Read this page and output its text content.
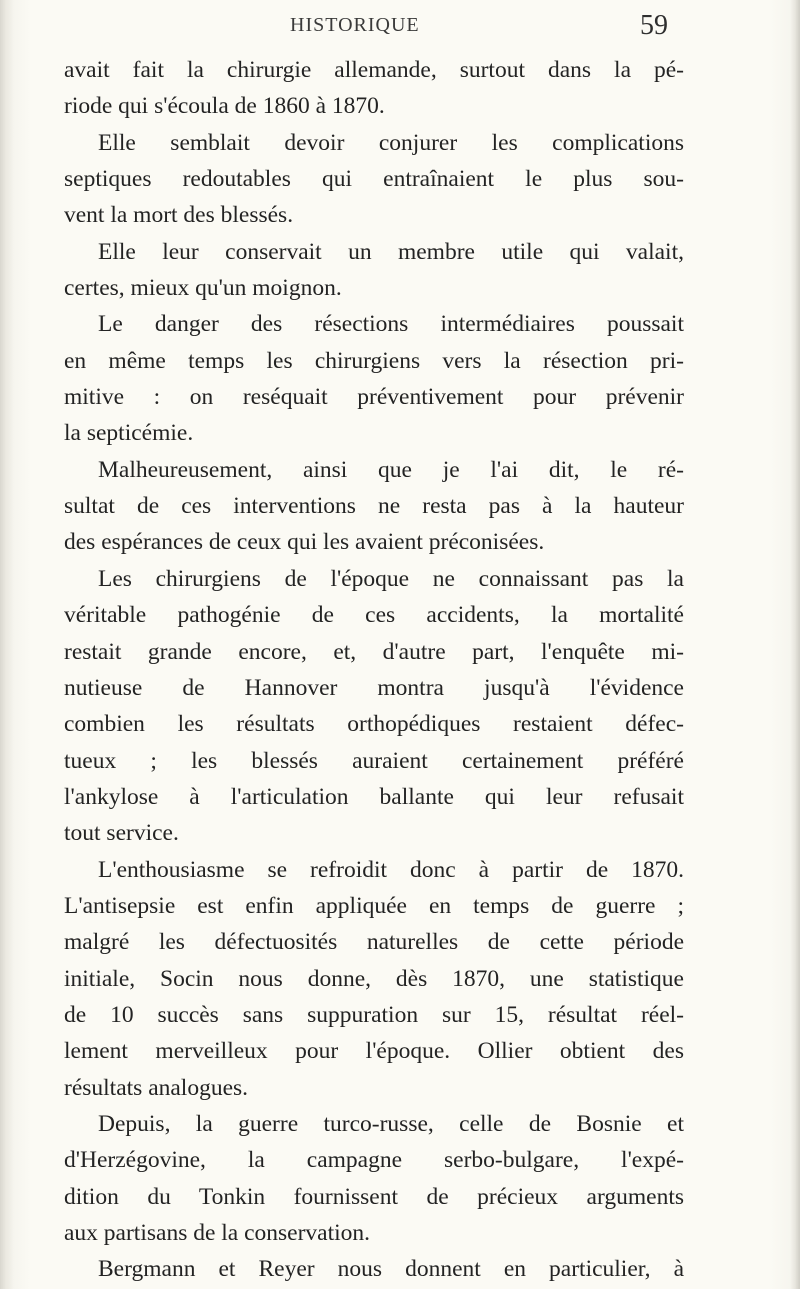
HISTORIQUE	59
avait fait la chirurgie allemande, surtout dans la pé-
riode qui s'écoula de 1860 à 1870.
Elle semblait devoir conjurer les complications
septiques redoutables qui entraînaient le plus sou-
vent la mort des blessés.
Elle leur conservait un membre utile qui valait,
certes, mieux qu'un moignon.
Le danger des résections intermédiaires poussait
en même temps les chirurgiens vers la résection pri-
mitive : on reséquait préventivement pour prévenir
la septicémie.
Malheureusement, ainsi que je l'ai dit, le ré-
sultat de ces interventions ne resta pas à la hauteur
des espérances de ceux qui les avaient préconisées.
Les chirurgiens de l'époque ne connaissant pas la
véritable pathogénie de ces accidents, la mortalité
restait grande encore, et, d'autre part, l'enquête mi-
nutieuse de Hannover montra jusqu'à l'évidence
combien les résultats orthopédiques restaient défec-
tueux ; les blessés auraient certainement préféré
l'ankylose à l'articulation ballante qui leur refusait
tout service.
L'enthousiasme se refroidit donc à partir de 1870.
L'antisepsie est enfin appliquée en temps de guerre ;
malgré les défectuosités naturelles de cette période
initiale, Socin nous donne, dès 1870, une statistique
de 10 succès sans suppuration sur 15, résultat réel-
lement merveilleux pour l'époque. Ollier obtient des
résultats analogues.
Depuis, la guerre turco-russe, celle de Bosnie et
d'Herzégovine, la campagne serbo-bulgare, l'expé-
dition du Tonkin fournissent de précieux arguments
aux partisans de la conservation.
Bergmann et Reyer nous donnent en particulier, à
